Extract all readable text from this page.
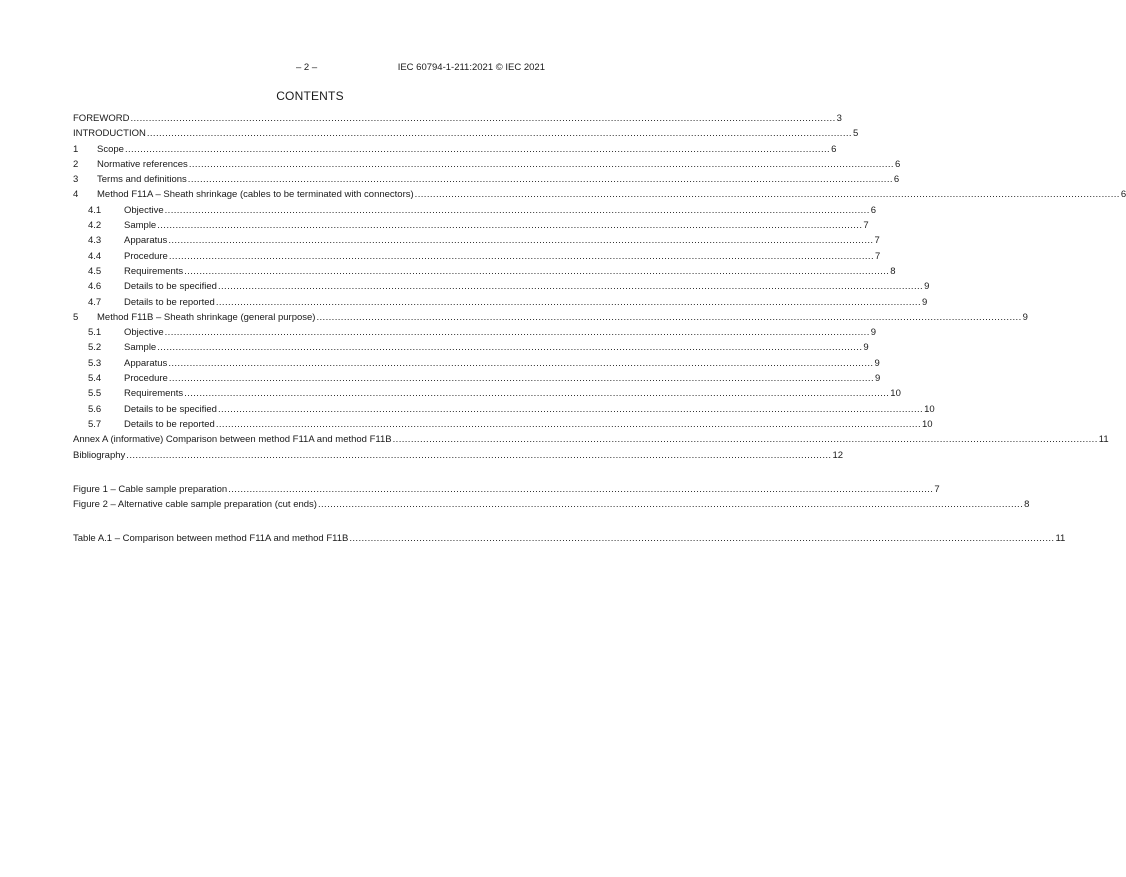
– 2 –	IEC 60794-1-211:2021 © IEC 2021
CONTENTS
FOREWORD .....	3
INTRODUCTION .....	5
1	Scope .....	6
2	Normative references .....	6
3	Terms and definitions .....	6
4	Method F11A – Sheath shrinkage (cables to be terminated with connectors) .....	6
4.1	Objective .....	6
4.2	Sample .....	7
4.3	Apparatus .....	7
4.4	Procedure .....	7
4.5	Requirements .....	8
4.6	Details to be specified .....	9
4.7	Details to be reported .....	9
5	Method F11B – Sheath shrinkage (general purpose) .....	9
5.1	Objective .....	9
5.2	Sample .....	9
5.3	Apparatus .....	9
5.4	Procedure .....	9
5.5	Requirements .....	10
5.6	Details to be specified .....	10
5.7	Details to be reported .....	10
Annex A (informative) Comparison between method F11A and method F11B .....	11
Bibliography .....	12
Figure 1 – Cable sample preparation .....	7
Figure 2 – Alternative cable sample preparation (cut ends) .....	8
Table A.1 – Comparison between method F11A and method F11B .....	11
